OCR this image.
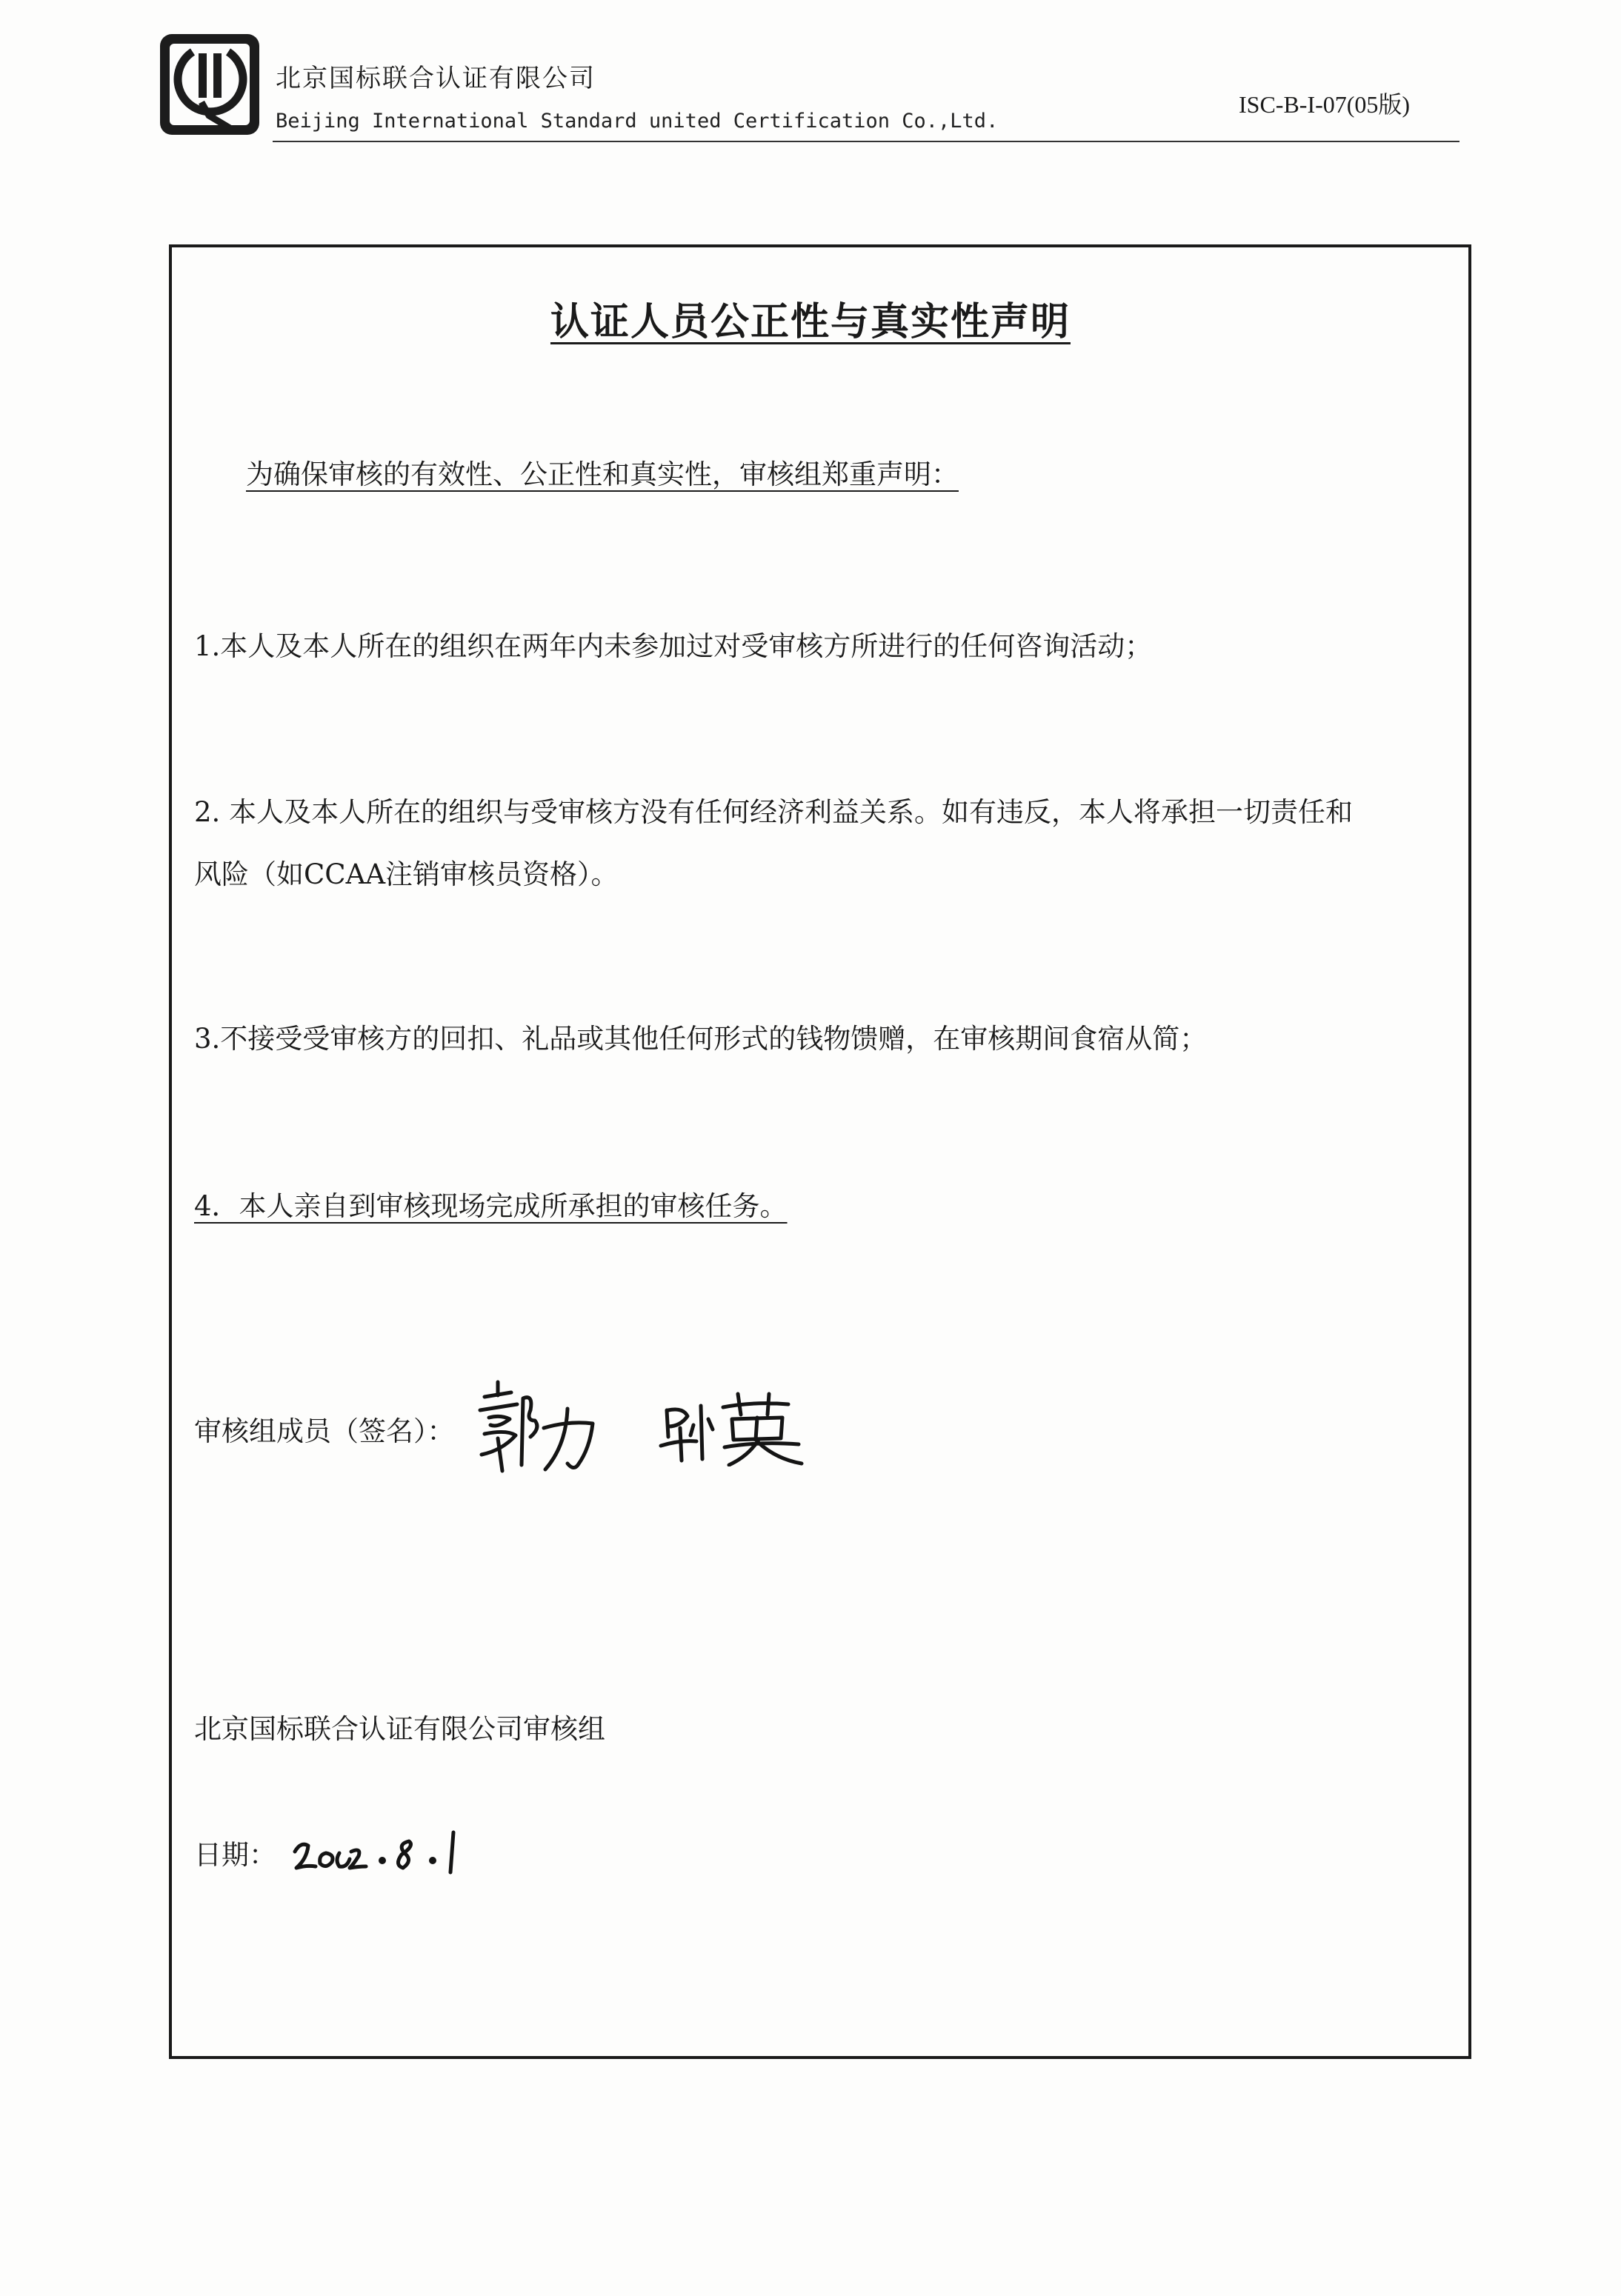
北京国标联合认证有限公司
Beijing International Standard united Certification Co.,Ltd.
ISC-B-I-07(05版)
认证人员公正性与真实性声明
为确保审核的有效性、公正性和真实性，审核组郑重声明：
1.本人及本人所在的组织在两年内未参加过对受审核方所进行的任何咨询活动；
2. 本人及本人所在的组织与受审核方没有任何经济利益关系。如有违反，本人将承担一切责任和
风险（如CCAA注销审核员资格）。
3.不接受受审核方的回扣、礼品或其他任何形式的钱物馈赠，在审核期间食宿从简；
4．本人亲自到审核现场完成所承担的审核任务。
审核组成员（签名）：
北京国标联合认证有限公司审核组
日期：
